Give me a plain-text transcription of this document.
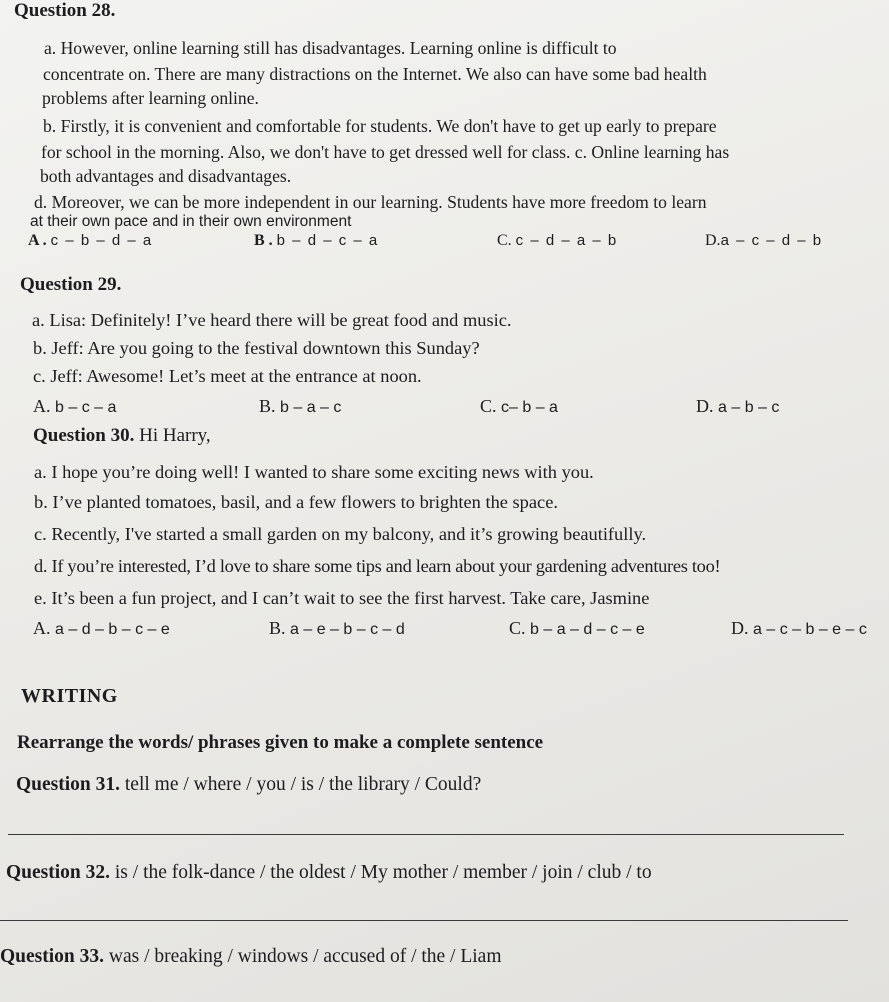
Question 28.
a. However, online learning still has disadvantages. Learning online is difficult to
concentrate on. There are many distractions on the Internet. We also can have some bad health
problems after learning online.
b. Firstly, it is convenient and comfortable for students. We don't have to get up early to prepare
for school in the morning. Also, we don't have to get dressed well for class. c. Online learning has
both advantages and disadvantages.
d. Moreover, we can be more independent in our learning. Students have more freedom to learn
at their own pace and in their own environment
A . c – b – d – a	B . b – d – c – a	C. c – d – a – b	D.a – c – d – b
Question 29.
a. Lisa: Definitely! I’ve heard there will be great food and music.
b. Jeff: Are you going to the festival downtown this Sunday?
c. Jeff: Awesome! Let’s meet at the entrance at noon.
A. b – c – a	B. b – a – c	C. c– b – a	D. a – b – c
Question 30. Hi Harry,
a. I hope you’re doing well! I wanted to share some exciting news with you.
b. I’ve planted tomatoes, basil, and a few flowers to brighten the space.
c. Recently, I've started a small garden on my balcony, and it’s growing beautifully.
d. If you’re interested, I’d love to share some tips and learn about your gardening adventures too!
e. It’s been a fun project, and I can’t wait to see the first harvest. Take care, Jasmine
A. a – d – b – c – e	B. a – e – b – c – d	C. b – a – d – c – e	D. a – c – b – e – c
WRITING
Rearrange the words/ phrases given to make a complete sentence
Question 31. tell me / where / you / is / the library / Could?
Question 32. is / the folk-dance / the oldest / My mother / member / join / club / to
Question 33. was / breaking / windows / accused of / the / Liam
